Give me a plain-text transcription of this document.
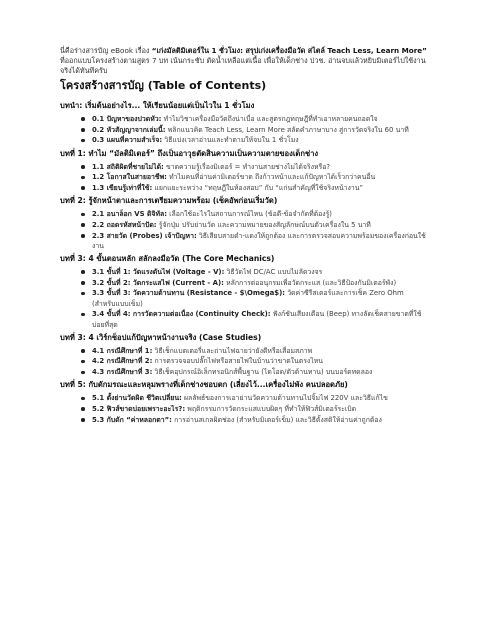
นี่คือร่างสารบัญ eBook เรื่อง “เก่งมัลติมิเตอร์ใน 1 ชั่วโมง: สรุปเก่งเครื่องมือวัด สไตล์ Teach Less, Learn More” ที่ออกแบบโครงสร้างตามสูตร 7 บท เน้นกระชับ ตัดน้ำเหลือแต่เนื้อ เพื่อให้เด็กช่าง ปวช. อ่านจบแล้วหยิบมิเตอร์ไปใช้งานจริงได้ทันทีครับ

โครงสร้างสารบัญ (Table of Contents)
บทนำ: เริ่มต้นอย่างไร... ให้เรียนน้อยแต่เป็นไวใน 1 ชั่วโมง
0.1 ปัญหาของปวดหัว: ทำไมวิชาเครื่องมือวัดถึงน่าเบื่อ และสูตรกฎทฤษฎีที่ทำเอาหลายคนถอดใจ
0.2 หัวสัญญาจากเล่มนี้: พลิกแนวคิด Teach Less, Learn More สลัดคำภาษาบาง สู่การวัดจริงใน 60 นาที
0.3 แผนที่ความสำเร็จ: วิธีแบ่งเวลาอ่านและทำตามให้จบใน 1 ชั่วโมง
บทที่ 1: ทำไม “มัลติมิเตอร์” ถึงเป็นอาวุธตัดสินความเป็นความตายของเด็กช่าง
1.1 สถิติผิดที่ชายไม่ได้: ขาดความรู้เรื่องมิเตอร์ = ทำงานสายช่างไม่ได้จริงหรือ?
1.2 โอกาสในสายอาชีพ: ทำไมคนที่อ่านค่ามิเตอร์ขาด ถึงก้าวหน้าและแก้ปัญหาได้เร็วกว่าคนอื่น
1.3 เขียนรู้เท่าที่ใช้: แยกแยะระหว่าง “ทฤษฎีในห้องสอบ” กับ “แก่นสำคัญที่ใช้จริงหน้างาน”
บทที่ 2: รู้จักหน้าตาและการเตรียมความพร้อม (เช็คอัพก่อนเริ่มวัด)
2.1 อนาล็อก VS ดิจิทัล: เลือกใช้อะไรในสถานการณ์ไหน (ข้อดี-ข้อจำกัดที่ต้องรู้)
2.2 ถอดรหัสหน้าปัด: รู้จักปุ่ม ปรับย่านวัด และความหมายของสัญลักษณ์บนตัวเครื่องใน 5 นาที
2.3 สายวัด (Probes) เจ้าปัญหา: วิธีเสียบสายดำ-แดงให้ถูกต้อง และการตรวจสอบความพร้อมของเครื่องก่อนใช้งาน
บทที่ 3: 4 ขั้นตอนหลัก สลักลงมือวัด (The Core Mechanics)
3.1 ขั้นที่ 1: วัดแรงดันไฟ (Voltage - V): วิธีวัดไฟ DC/AC แบบไม่ลัดวงจร
3.2 ขั้นที่ 2: วัดกระแสไฟ (Current - A): หลักการต่ออนุกรมเพื่อวัดกระแส (และวิธีป้องกันมิเตอร์พัง)
3.3 ขั้นที่ 3: วัดความต้านทาน (Resistance - $\Omega$): วัดค่าซีรีสเตอร์และการเช็ค Zero Ohm (สำหรับแบบเข็ม)
3.4 ขั้นที่ 4: การวัดความต่อเนื่อง (Continuity Check): ฟังก์ชันเสียงเตือน (Beep) ทางลัดเช็คสายขาดที่ใช้บ่อยที่สุด
บทที่ 3: 4 เวิร์กช็อปแก้ปัญหาหน้างานจริง (Case Studies)
4.1 กรณีศึกษาที่ 1: วิธีเช็กแบตเตอรี่และถ่านไฟฉายว่ายังดีหรือเสื่อมสภาพ
4.2 กรณีศึกษาที่ 2: การตรวจจอบปลั๊กไฟหรือสายไฟในบ้านว่าขาดในตรงไหน
4.3 กรณีศึกษาที่ 3: วิธีเช็คอุปกรณ์อิเล็กทรอนิกส์พื้นฐาน (ไดโอด/ตัวต้านทาน) บนบอร์ดทดลอง
บทที่ 5: กับดักมรณะและหลุมพรางที่เด็กช่างชอบตก (เลี่ยงไว้...เครื่องไม่พัง คนปลอดภัย)
5.1 ตั้งย่านวัดผิด ชีวิตเปลี่ยน: ผลลัพธ์ของการเอาย่านวัดความต้านทานไปจิ้มไฟ 220V และวิธีแก้ไข
5.2 ฟิวส์ขาดบ่อยเพราะอะไร?: พฤติกรรมการวัดกระแสแบบผิดๆ ที่ทำให้ฟิวส์มิเตอร์ระเบิด
5.3 กับดัก “ค่าหลอกตา”: การอ่านสเกลผิดช่อง (สำหรับมิเตอร์เข็ม) และวิธีตั้งสติให้อ่านค่าถูกต้อง
